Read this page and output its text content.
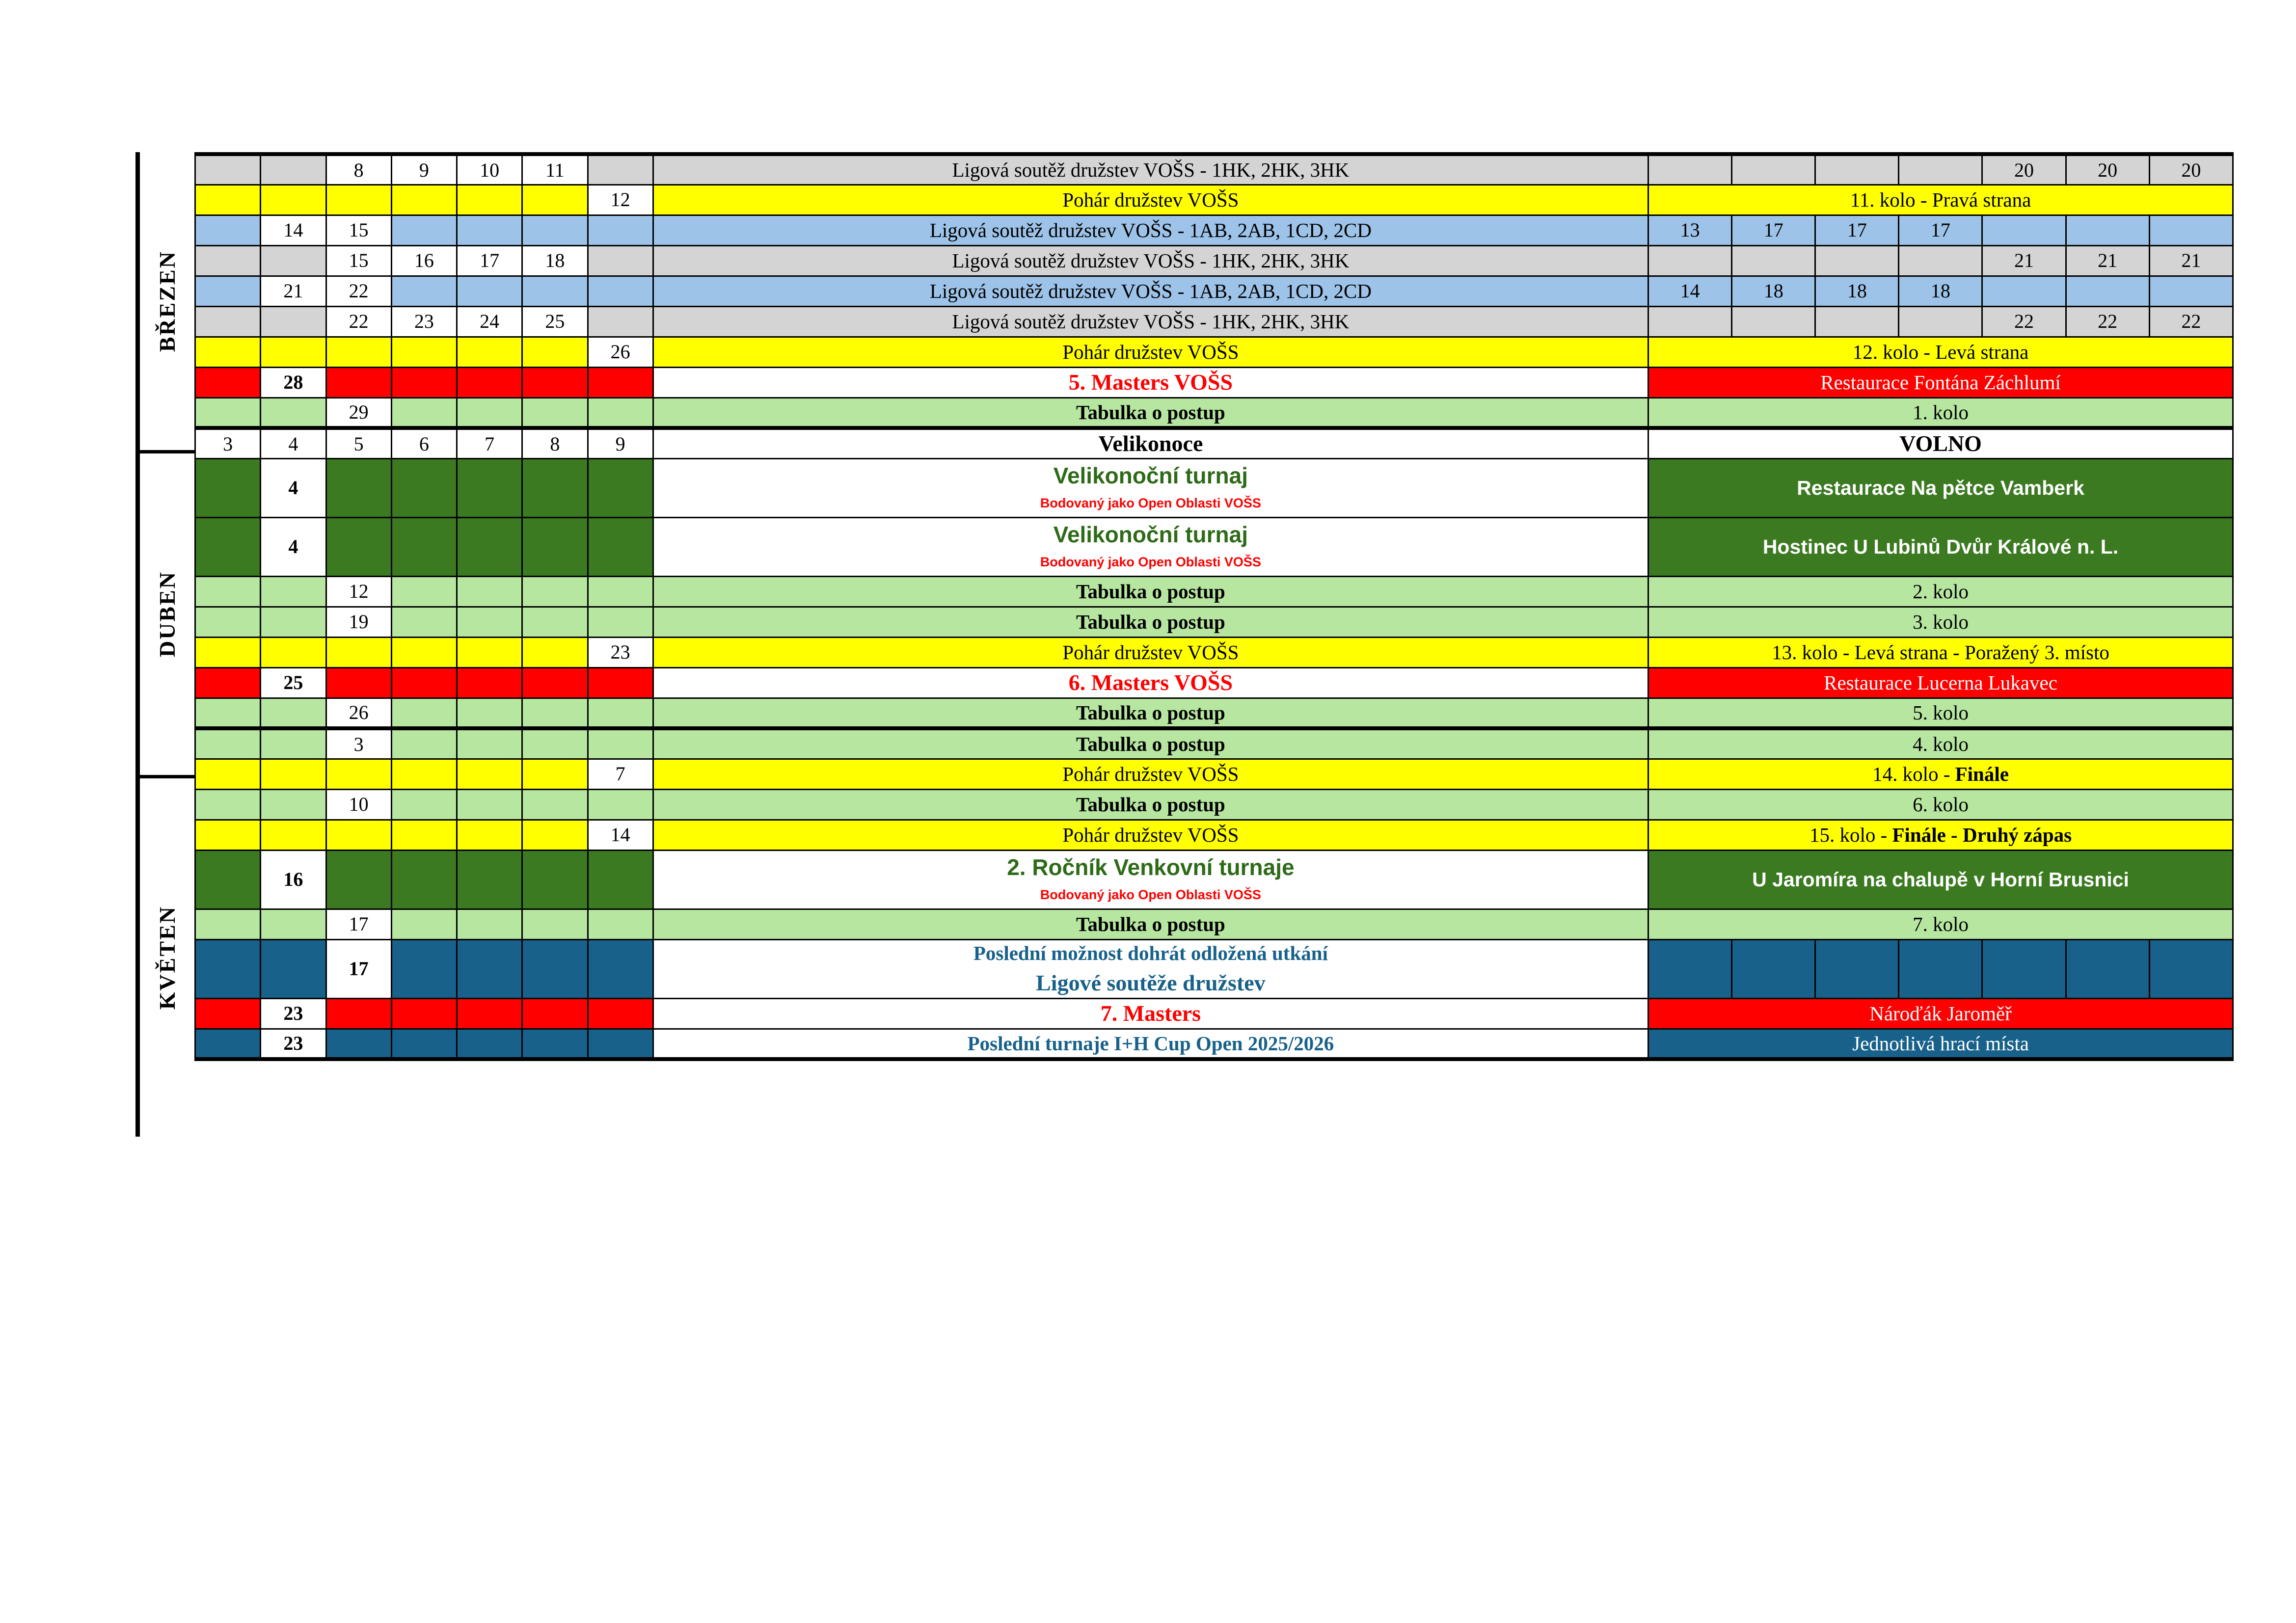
BŘEZEN
DUBEN
KVĚTEN
		8	9	10	11		Ligová soutěž družstev VOŠS - 1HK, 2HK, 3HK					20	20	20
						12	Pohár družstev VOŠS	11. kolo - Pravá strana						

	14	15					Ligová soutěž družstev VOŠS - 1AB, 2AB, 1CD, 2CD	13	17	17	17			
		15	16	17	18		Ligová soutěž družstev VOŠS - 1HK, 2HK, 3HK					21	21	21
	21	22					Ligová soutěž družstev VOŠS - 1AB, 2AB, 1CD, 2CD	14	18	18	18			
		22	23	24	25		Ligová soutěž družstev VOŠS - 1HK, 2HK, 3HK					22	22	22
						26	Pohár družstev VOŠS	12. kolo - Levá strana						

	28						5. Masters VOŠS	Restaurace Fontána Záchlumí						

		29					Tabulka o postup	1. kolo						

3	4	5	6	7	8	9	Velikonoce	VOLNO						

	4						Velikonoční turnaj
Bodovaný jako Open Oblasti VOŠS	Restaurace Na pětce Vamberk						

	4						Velikonoční turnaj
Bodovaný jako Open Oblasti VOŠS	Hostinec U Lubinů Dvůr Králové n. L.						

		12					Tabulka o postup	2. kolo						

		19					Tabulka o postup	3. kolo						

						23	Pohár družstev VOŠS	13. kolo - Levá strana - Poražený 3. místo						

	25						6. Masters VOŠS	Restaurace Lucerna Lukavec						

		26					Tabulka o postup	5. kolo						

		3					Tabulka o postup	4. kolo						

						7	Pohár družstev VOŠS	14. kolo - Finále						
		10					Tabulka o postup	6. kolo						

						14	Pohár družstev VOŠS	15. kolo - Finále - Druhý zápas						
	16						2. Ročník Venkovní turnaje
Bodovaný jako Open Oblasti VOŠS	U Jaromíra na chalupě v Horní Brusnici						

		17					Tabulka o postup	7. kolo						

		17					Poslední možnost dohrát odložená utkání
Ligové soutěže družstev							

	23						7. Masters	Nároďák Jaroměř						

	23						Poslední turnaje I+H Cup Open 2025/2026	Jednotlivá hrací místa						
